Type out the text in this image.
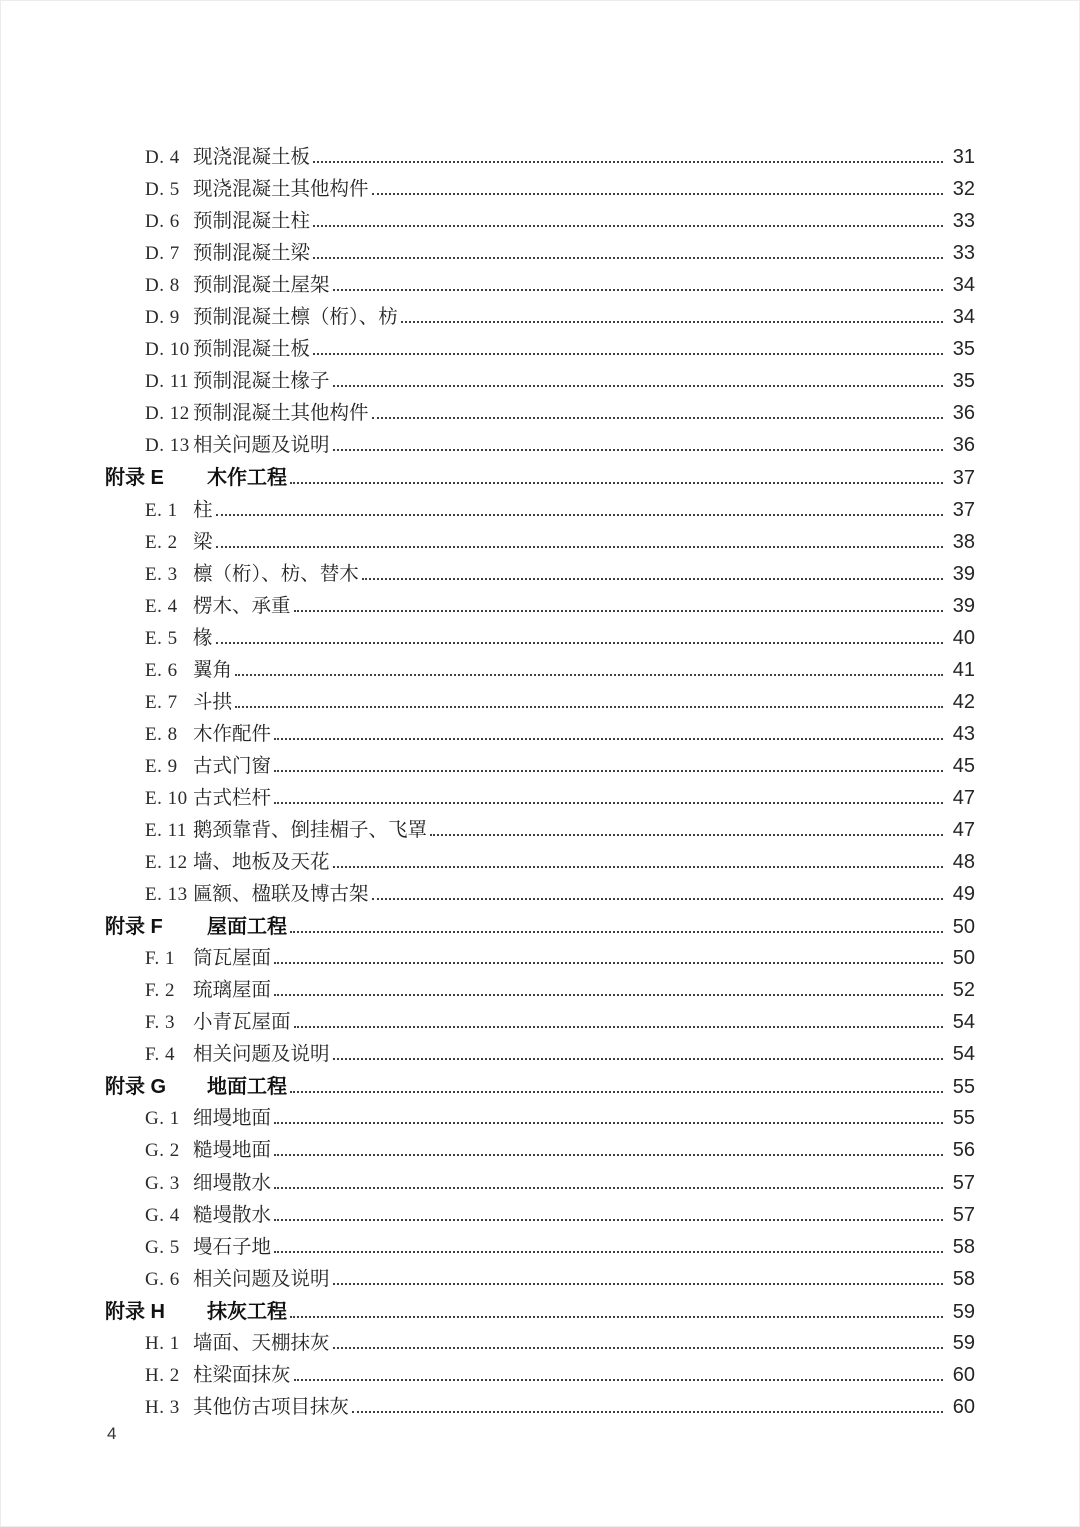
D. 4 现浇混凝土板	31
D. 5 现浇混凝土其他构件	32
D. 6 预制混凝土柱	33
D. 7 预制混凝土梁	33
D. 8 预制混凝土屋架	34
D. 9 预制混凝土檩（桁）、枋	34
D. 10 预制混凝土板	35
D. 11 预制混凝土椽子	35
D. 12 预制混凝土其他构件	36
D. 13 相关问题及说明	36
附录 E	木作工程	37
E. 1 柱	37
E. 2 梁	38
E. 3 檩（桁）、枋、替木	39
E. 4 楞木、承重	39
E. 5 椽	40
E. 6 翼角	41
E. 7 斗拱	42
E. 8 木作配件	43
E. 9 古式门窗	45
E. 10 古式栏杆	47
E. 11 鹅颈靠背、倒挂楣子、飞罩	47
E. 12 墙、地板及天花	48
E. 13 匾额、楹联及博古架	49
附录 F	屋面工程	50
F. 1 筒瓦屋面	50
F. 2 琉璃屋面	52
F. 3 小青瓦屋面	54
F. 4 相关问题及说明	54
附录 G	地面工程	55
G. 1 细墁地面	55
G. 2 糙墁地面	56
G. 3 细墁散水	57
G. 4 糙墁散水	57
G. 5 墁石子地	58
G. 6 相关问题及说明	58
附录 H	抹灰工程	59
H. 1 墙面、天棚抹灰	59
H. 2 柱梁面抹灰	60
H. 3 其他仿古项目抹灰	60
4
